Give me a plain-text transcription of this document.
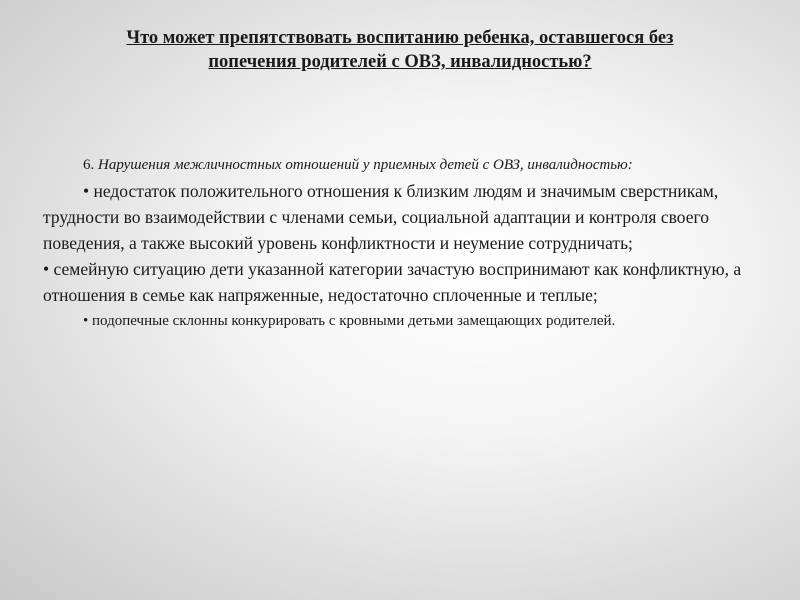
Что может препятствовать воспитанию ребенка, оставшегося без
попечения родителей с ОВЗ, инвалидностью?

6. Нарушения межличностных отношений у приемных детей с ОВЗ, инвалидностью:

• недостаток положительного отношения к близким людям и значимым сверстникам, трудности во взаимодействии с членами семьи, социальной адаптации и контроля своего поведения, а также высокий уровень конфликтности и неумение сотрудничать;

• семейную ситуацию дети указанной категории зачастую воспринимают как конфликтную, а отношения в семье как напряженные, недостаточно сплоченные и теплые;

• подопечные склонны конкурировать с кровными детьми замещающих родителей.
